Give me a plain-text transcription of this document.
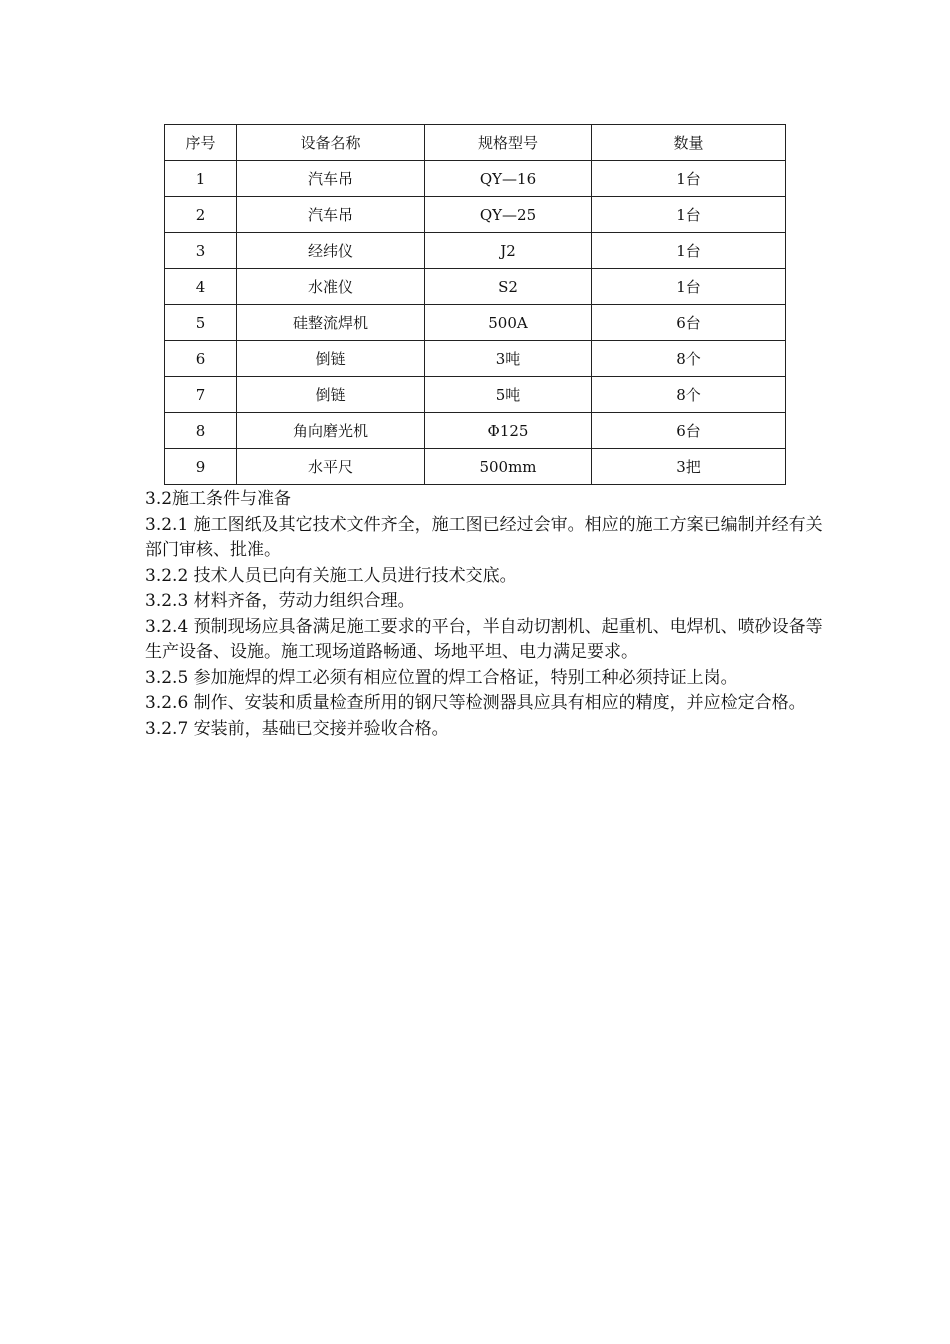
序号	设备名称	规格型号	数量
1	汽车吊	QY—16	1台
2	汽车吊	QY—25	1台
3	经纬仪	J2	1台
4	水准仪	S2	1台
5	硅整流焊机	500A	6台
6	倒链	3吨	8个
7	倒链	5吨	8个
8	角向磨光机	Φ125	6台
9	水平尺	500mm	3把

3.2施工条件与准备

3.2.1 施工图纸及其它技术文件齐全，施工图已经过会审。相应的施工方案已编制并经有关部门审核、批准。

3.2.2 技术人员已向有关施工人员进行技术交底。

3.2.3 材料齐备，劳动力组织合理。

3.2.4 预制现场应具备满足施工要求的平台，半自动切割机、起重机、电焊机、喷砂设备等生产设备、设施。施工现场道路畅通、场地平坦、电力满足要求。

3.2.5 参加施焊的焊工必须有相应位置的焊工合格证，特别工种必须持证上岗。

3.2.6 制作、安装和质量检查所用的钢尺等检测器具应具有相应的精度，并应检定合格。

3.2.7 安装前，基础已交接并验收合格。
